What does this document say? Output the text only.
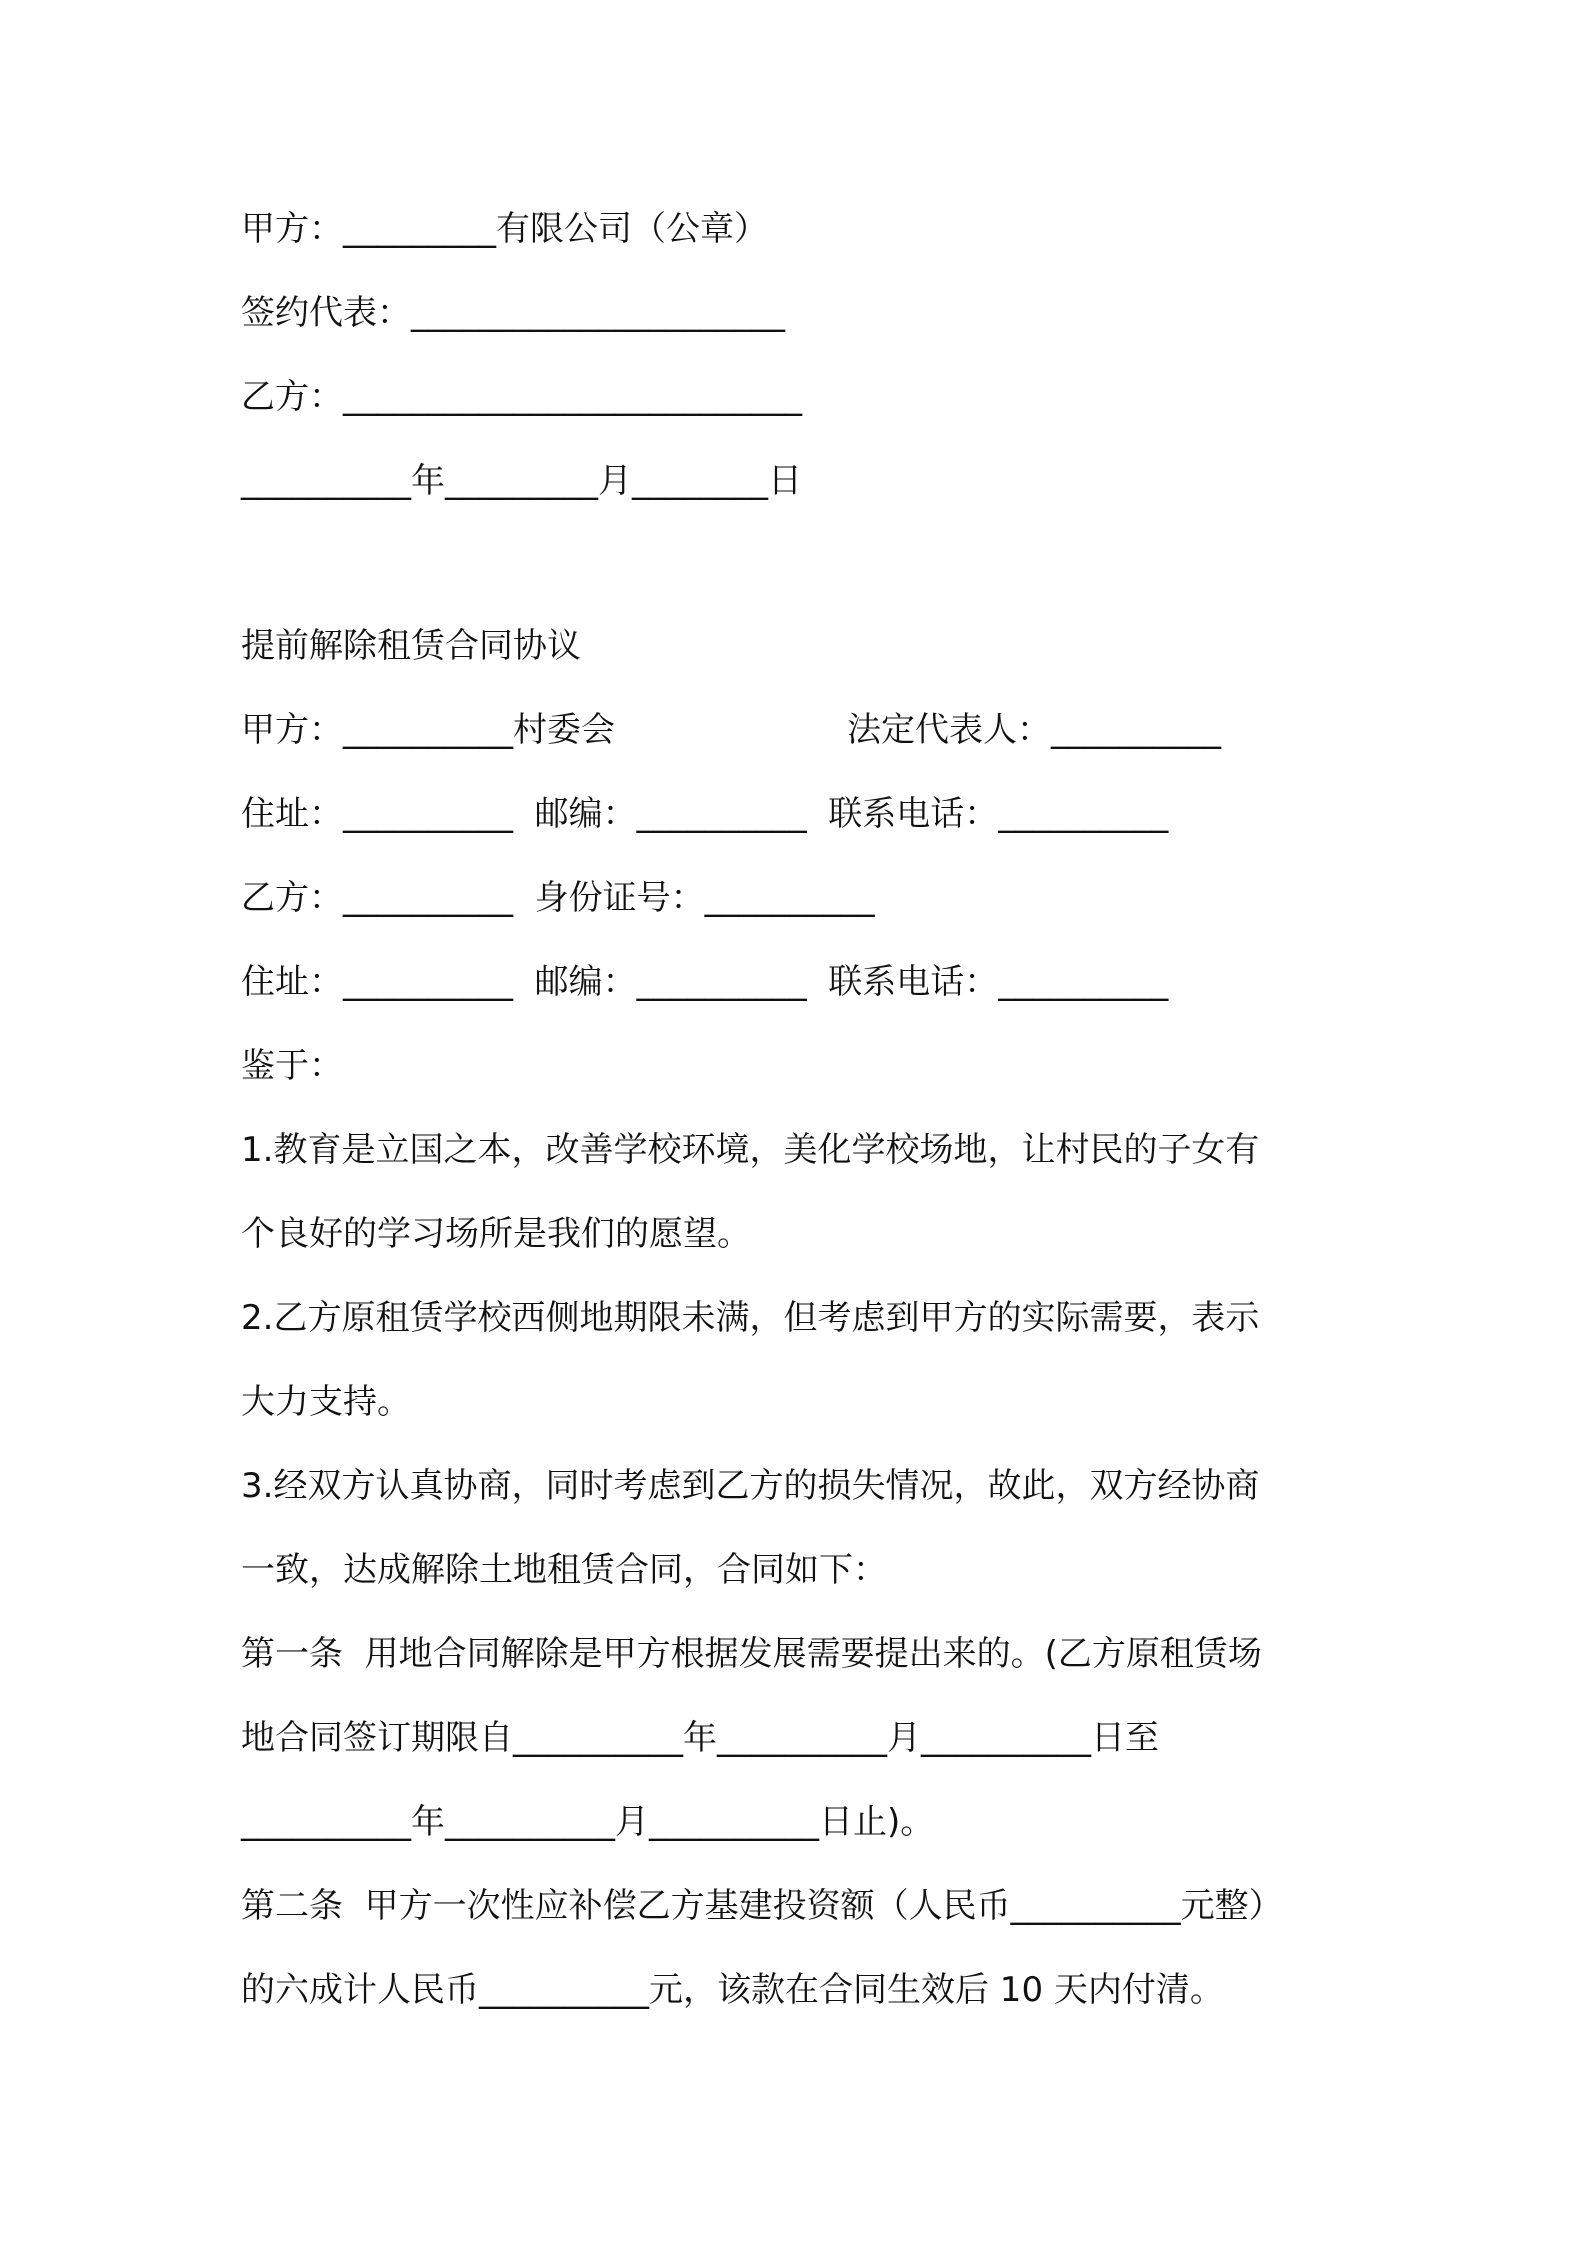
甲方：_________有限公司（公章）
签约代表：______________________
乙方：___________________________
__________年_________月________日
提前解除租赁合同协议
甲方：__________村委会	法定代表人：__________
住址：__________  邮编：__________  联系电话：__________
乙方：__________  身份证号：__________
住址：__________  邮编：__________  联系电话：__________
鉴于：
1.教育是立国之本，改善学校环境，美化学校场地，让村民的子女有
个良好的学习场所是我们的愿望。
2.乙方原租赁学校西侧地期限未满，但考虑到甲方的实际需要，表示
大力支持。
3.经双方认真协商，同时考虑到乙方的损失情况，故此，双方经协商
一致，达成解除土地租赁合同，合同如下：
第一条  用地合同解除是甲方根据发展需要提出来的。(乙方原租赁场
地合同签订期限自__________年__________月__________日至
__________年__________月__________日止)。
第二条  甲方一次性应补偿乙方基建投资额（人民币__________元整）
的六成计人民币__________元，该款在合同生效后 10 天内付清。
